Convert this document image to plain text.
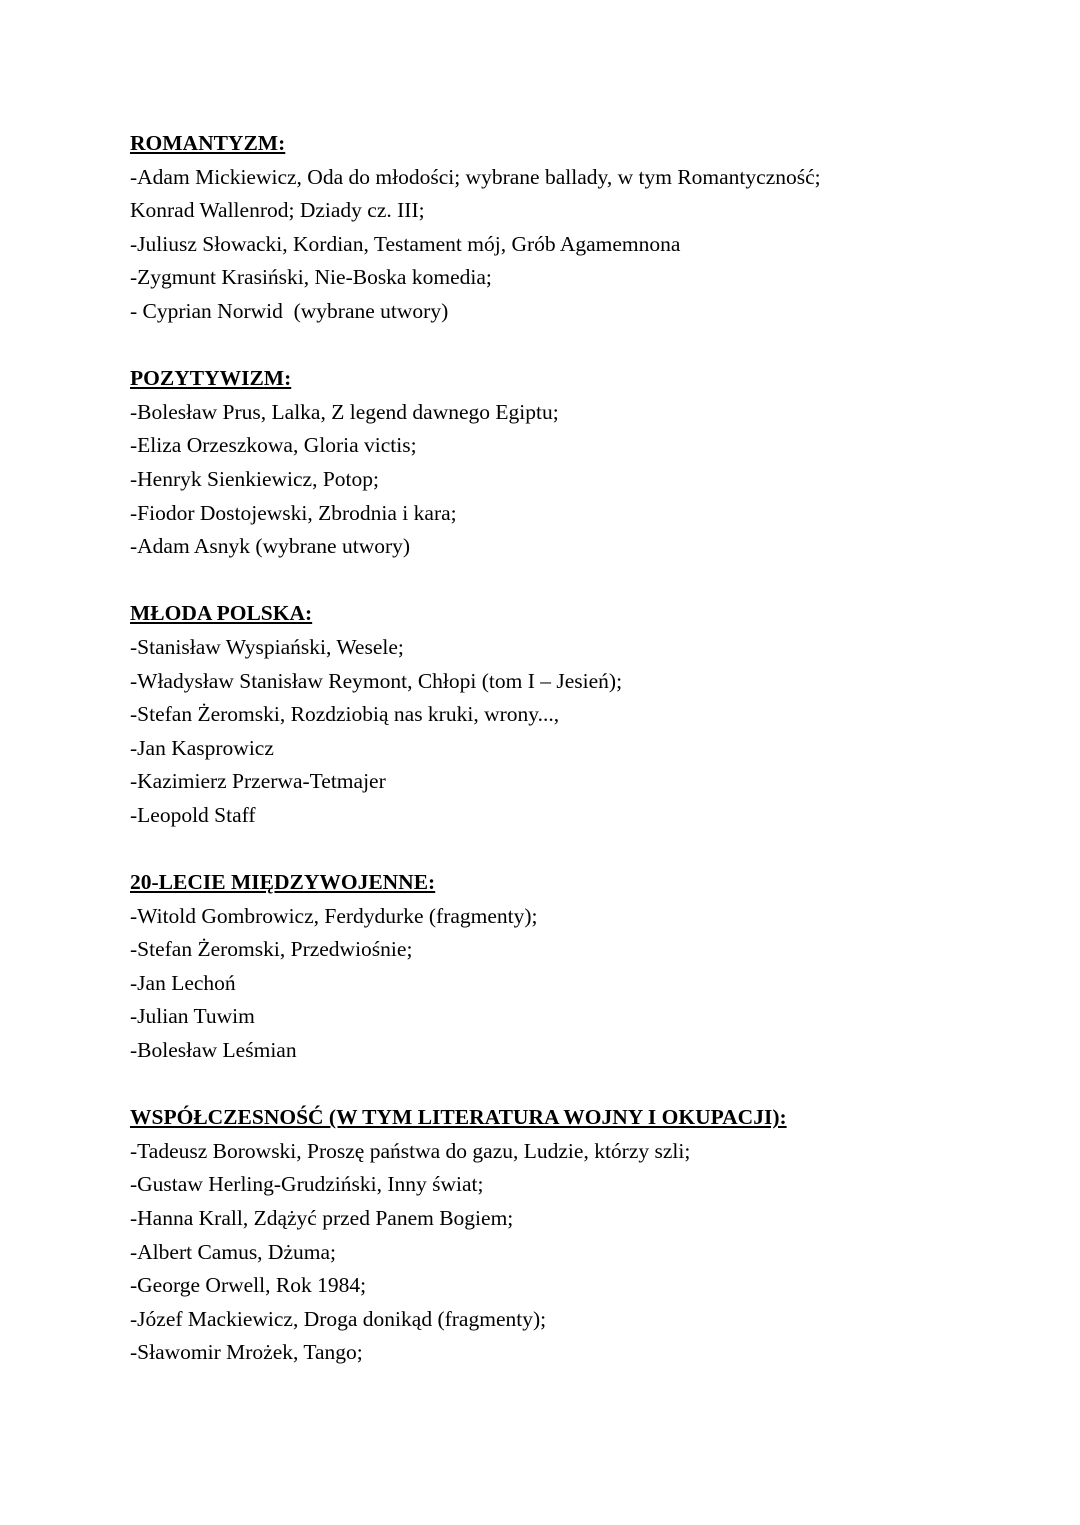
ROMANTYZM:
-Adam Mickiewicz, Oda do młodości; wybrane ballady, w tym Romantyczność;
Konrad Wallenrod; Dziady cz. III;
-Juliusz Słowacki, Kordian, Testament mój, Grób Agamemnona
-Zygmunt Krasiński, Nie-Boska komedia;
- Cyprian Norwid  (wybrane utwory)
POZYTYWIZM:
-Bolesław Prus, Lalka, Z legend dawnego Egiptu;
-Eliza Orzeszkowa, Gloria victis;
-Henryk Sienkiewicz, Potop;
-Fiodor Dostojewski, Zbrodnia i kara;
-Adam Asnyk (wybrane utwory)
MŁODA POLSKA:
-Stanisław Wyspiański, Wesele;
-Władysław Stanisław Reymont, Chłopi (tom I – Jesień);
-Stefan Żeromski, Rozdziobią nas kruki, wrony...,
-Jan Kasprowicz
-Kazimierz Przerwa-Tetmajer
-Leopold Staff
20-LECIE MIĘDZYWOJENNE:
-Witold Gombrowicz, Ferdydurke (fragmenty);
-Stefan Żeromski, Przedwiośnie;
-Jan Lechoń
-Julian Tuwim
-Bolesław Leśmian
WSPÓŁCZESNOŚĆ (W TYM LITERATURA WOJNY I OKUPACJI):
-Tadeusz Borowski, Proszę państwa do gazu, Ludzie, którzy szli;
-Gustaw Herling-Grudziński, Inny świat;
-Hanna Krall, Zdążyć przed Panem Bogiem;
-Albert Camus, Dżuma;
-George Orwell, Rok 1984;
-Józef Mackiewicz, Droga donikąd (fragmenty);
-Sławomir Mrożek, Tango;
